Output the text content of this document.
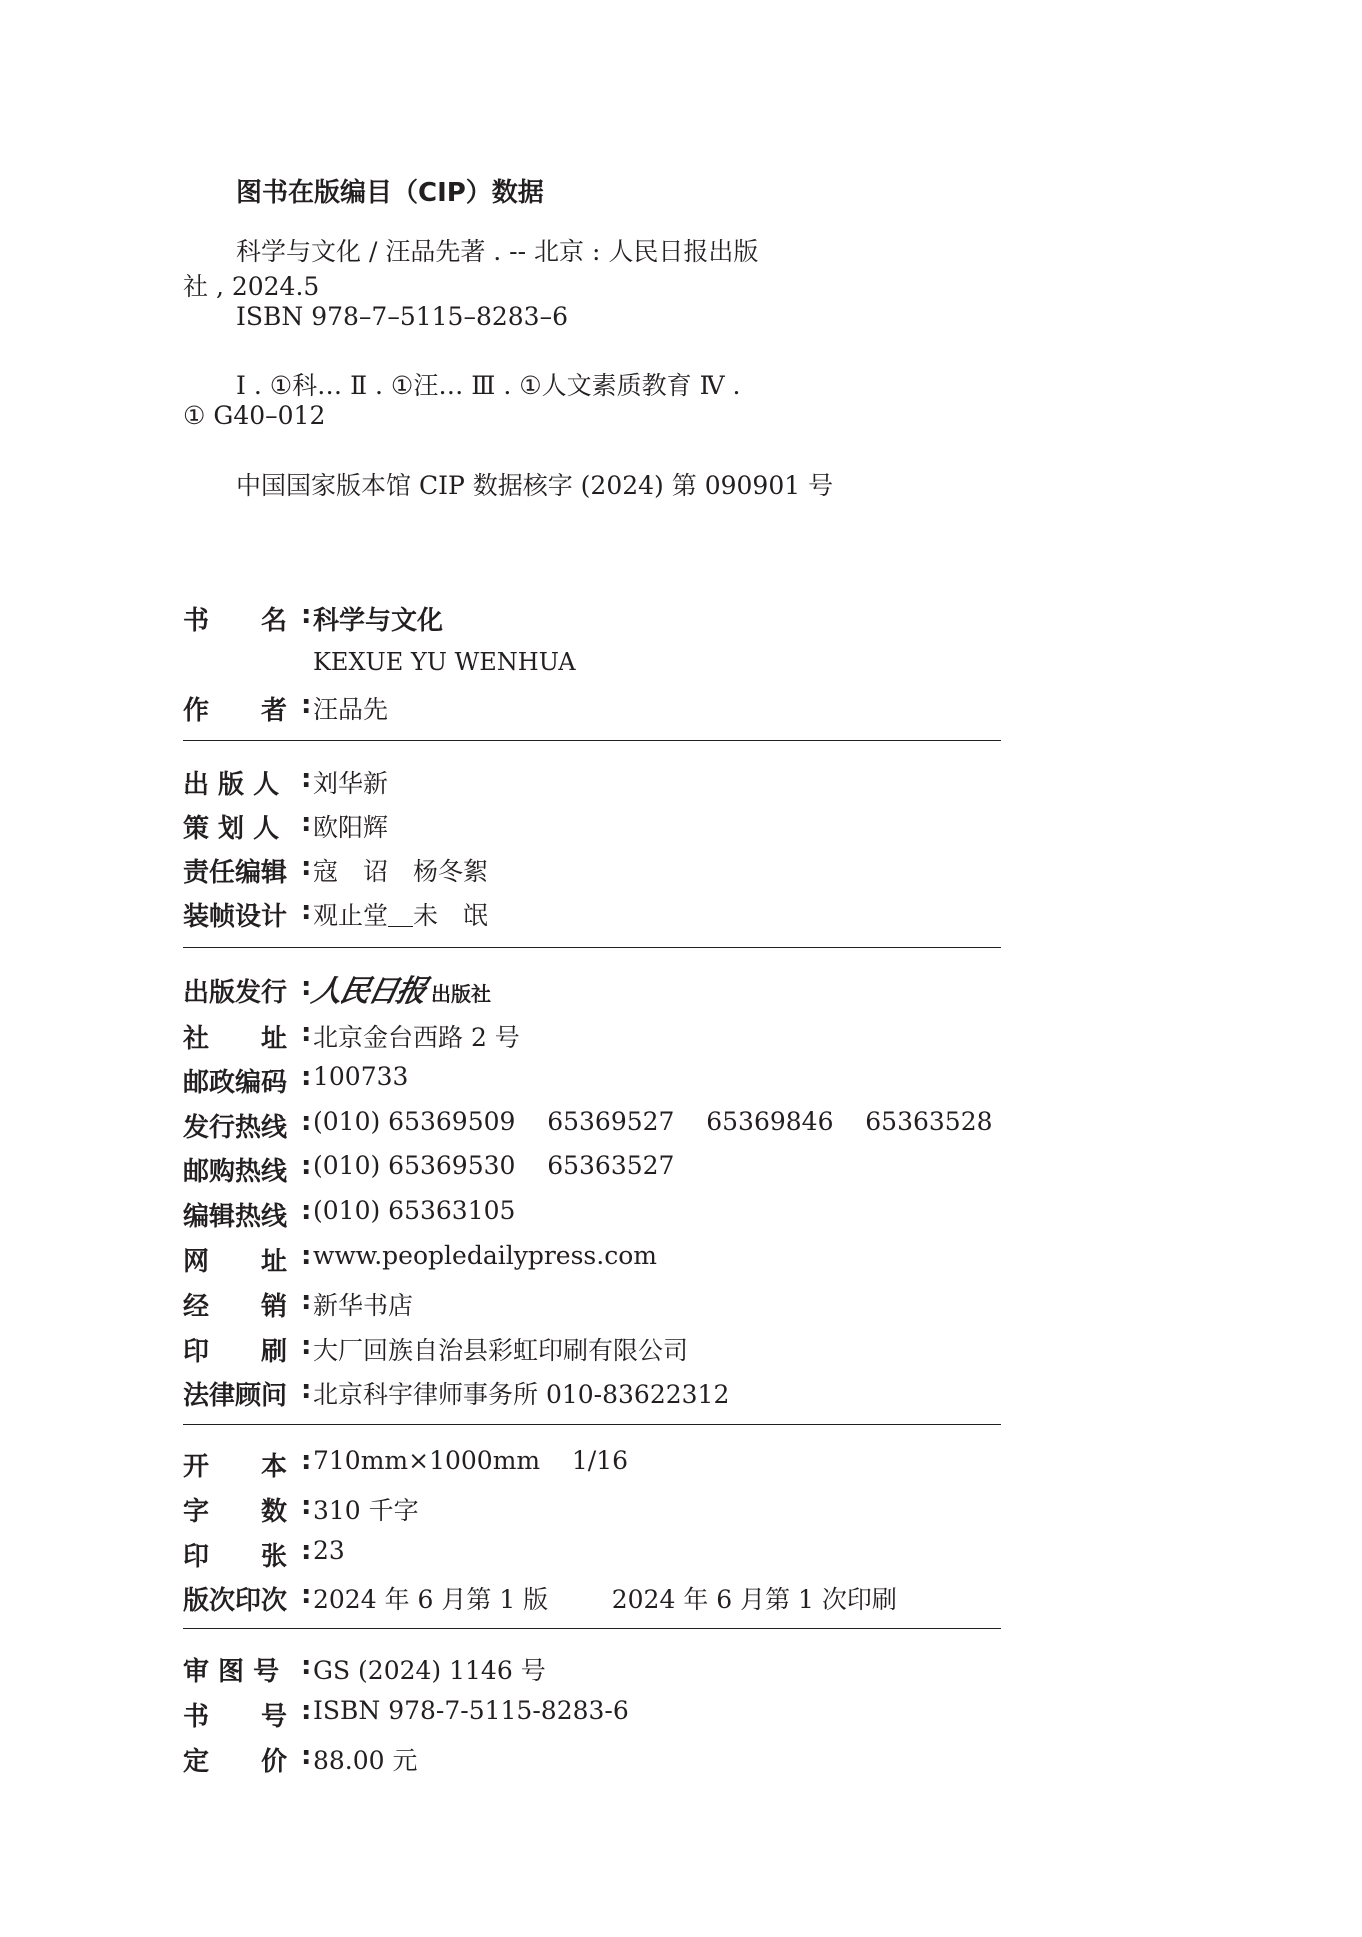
图书在版编目（CIP）数据
科学与文化 / 汪品先著 . -- 北京 : 人民日报出版
社 , 2024.5
ISBN 978–7–5115–8283–6
Ⅰ . ①科… Ⅱ . ①汪… Ⅲ . ①人文素质教育 Ⅳ .
① G40–012
中国国家版本馆 CIP 数据核字 (2024) 第 090901 号
书　　名 : 科学与文化
KEXUE YU WENHUA
作　　者 : 汪品先
出 版 人 : 刘华新
策 划 人 : 欧阳辉
责任编辑 : 寇　诏　杨冬絮
装帧设计 : 观止堂＿未　氓
出版发行 :
人民日报 出版社
社　　址 : 北京金台西路 2 号
邮政编码 : 100733
发行热线 : (010) 65369509    65369527    65369846    65363528
邮购热线 : (010) 65369530    65363527
编辑热线 : (010) 65363105
网　　址 : www.peopledailypress.com
经　　销 : 新华书店
印　　刷 : 大厂回族自治县彩虹印刷有限公司
法律顾问 : 北京科宇律师事务所 010-83622312
开　　本 : 710mm×1000mm    1/16
字　　数 : 310 千字
印　　张 : 23
版次印次 : 2024 年 6 月第 1 版        2024 年 6 月第 1 次印刷
审 图 号 : GS (2024) 1146 号
书　　号 : ISBN 978-7-5115-8283-6
定　　价 : 88.00 元
